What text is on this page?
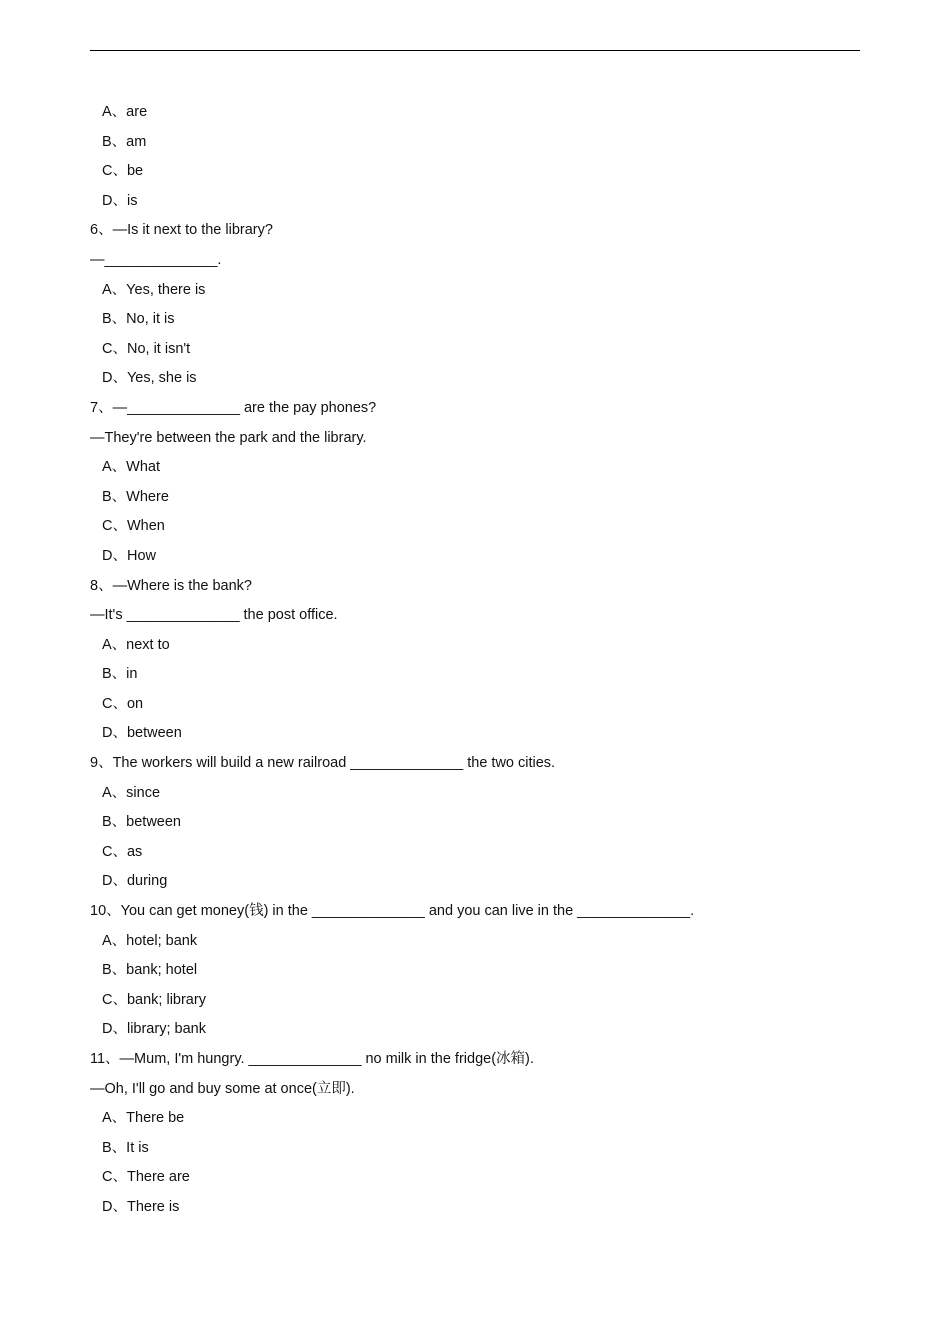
A、are

B、am

C、be

D、is

6、—Is it next to the library?

—______________.

A、Yes, there is

B、No, it is

C、No, it isn't

D、Yes, she is

7、—______________ are the pay phones?

—They're between the park and the library.

A、What

B、Where

C、When

D、How

8、—Where is the bank?

—It's ______________ the post office.

A、next to

B、in

C、on

D、between

9、The workers will build a new railroad ______________ the two cities.

A、since

B、between

C、as

D、during

10、You can get money(钱) in the ______________ and you can live in the ______________.

A、hotel; bank

B、bank; hotel

C、bank; library

D、library; bank

11、—Mum, I'm hungry. ______________ no milk in the fridge(冰箱).

—Oh, I'll go and buy some at once(立即).

A、There be

B、It is

C、There are

D、There is
